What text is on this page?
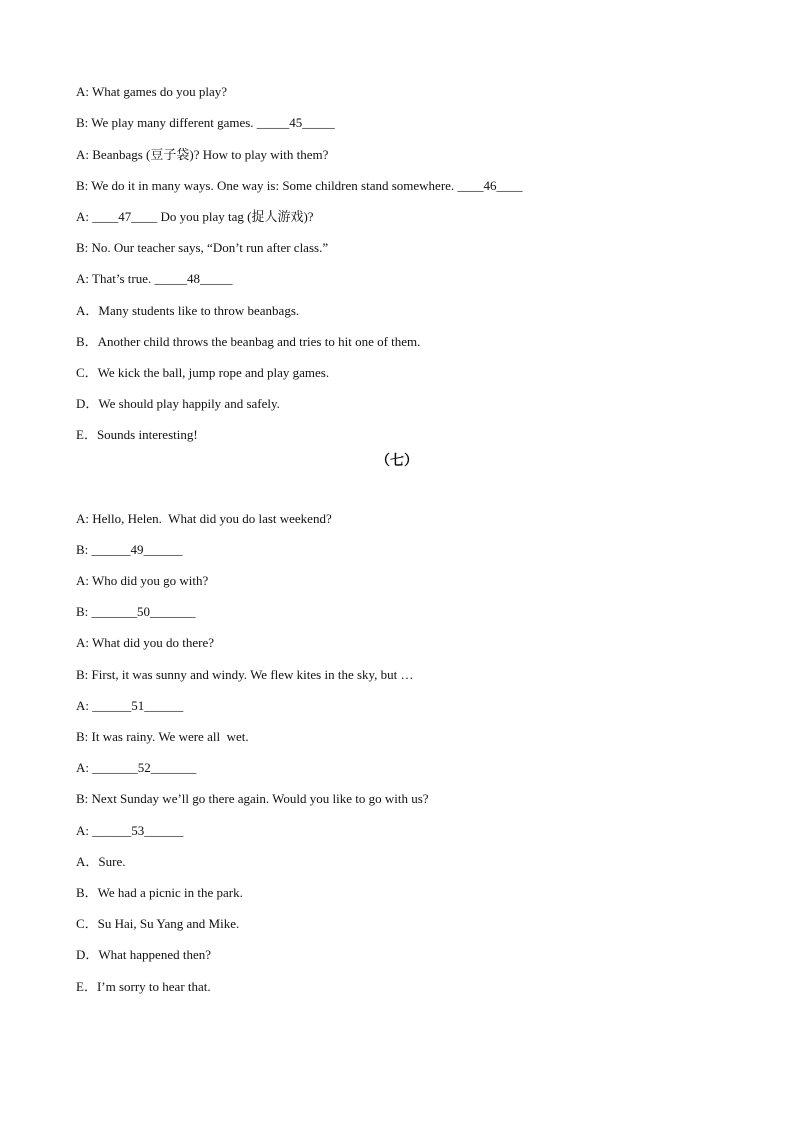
A: What games do you play?
B: We play many different games. _____45_____
A: Beanbags (豆子袋)? How to play with them?
B: We do it in many ways. One way is: Some children stand somewhere. ____46____
A: ____47____ Do you play tag (捉人游戏)?
B: No. Our teacher says, “Don’t run after class.”
A: That’s true. _____48_____
A．Many students like to throw beanbags.
B．Another child throws the beanbag and tries to hit one of them.
C．We kick the ball, jump rope and play games.
D．We should play happily and safely.
E．Sounds interesting!
（七）
A: Hello, Helen.  What did you do last weekend?
B: ______49______
A: Who did you go with?
B: _______50_______
A: What did you do there?
B: First, it was sunny and windy. We flew kites in the sky, but …
A: ______51______
B: It was rainy. We were all  wet.
A: _______52_______
B: Next Sunday we’ll go there again. Would you like to go with us?
A: ______53______
A．Sure.
B．We had a picnic in the park.
C．Su Hai, Su Yang and Mike.
D．What happened then?
E．I’m sorry to hear that.
